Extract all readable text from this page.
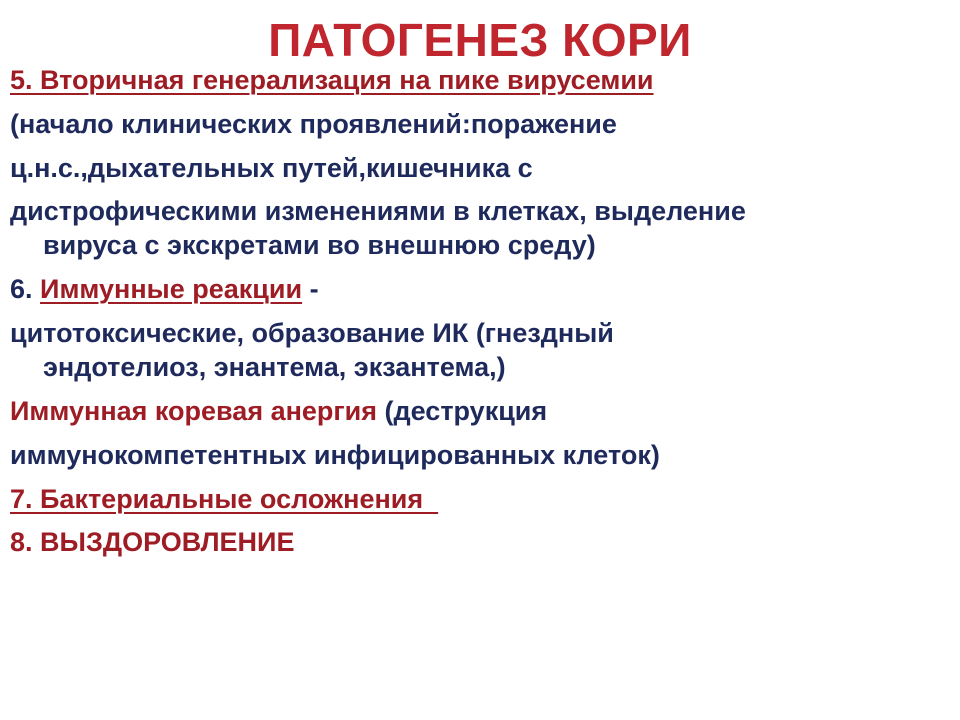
ПАТОГЕНЕЗ КОРИ
5. Вторичная генерализация на пике вирусемии
(начало клинических проявлений:поражение
ц.н.с.,дыхательных путей,кишечника с
дистрофическими изменениями в клетках, выделение
вируса с экскретами во внешнюю среду)
6. Иммунные реакции -
цитотоксические, образование ИК (гнездный
эндотелиоз, энантема, экзантема,)
Иммунная коревая анергия (деструкция
иммунокомпетентных инфицированных клеток)
7. Бактериальные осложнения
8. ВЫЗДОРОВЛЕНИЕ
